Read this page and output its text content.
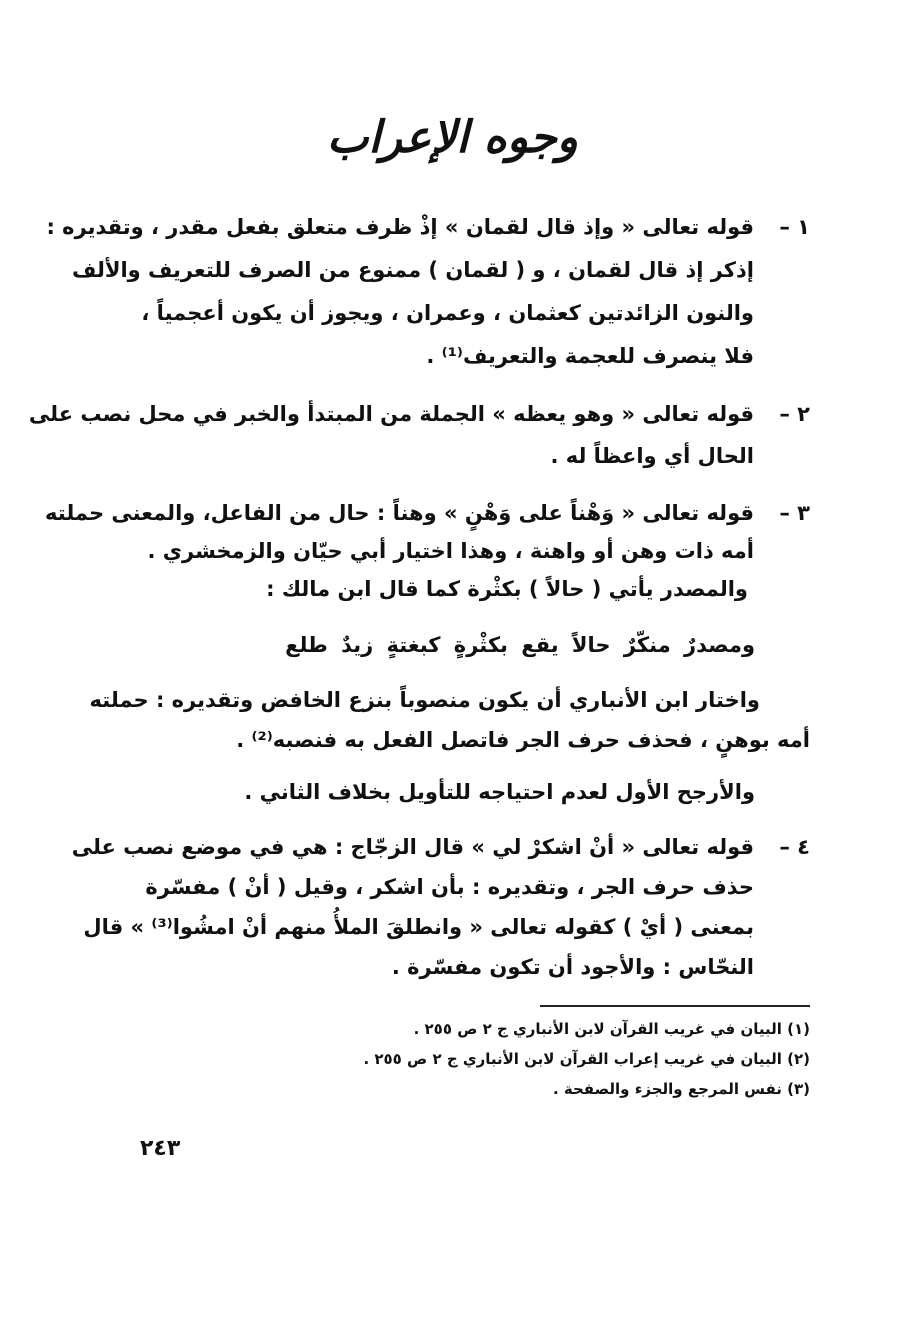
وجوه الإعراب
١ –
قوله تعالى « وإذ قال لقمان » إذْ ظرف متعلق بفعل مقدر ، وتقديره :
إذكر إذ قال لقمان ، و ( لقمان ) ممنوع من الصرف للتعريف والألف
والنون الزائدتين كعثمان ، وعمران ، ويجوز أن يكون أعجمياً ،
فلا ينصرف للعجمة والتعريف⁽¹⁾ .
٢ –
قوله تعالى « وهو يعظه » الجملة من المبتدأ والخبر في محل نصب على
الحال أي واعظاً له .
٣ –
قوله تعالى « وَهْناً على وَهْنٍ » وهناً : حال من الفاعل، والمعنى حملته
أمه ذات وهن أو واهنة ، وهذا اختيار أبي حيّان والزمخشري .
والمصدر يأتي ( حالاً ) بكثْرة كما قال ابن مالك :
ومصدرٌ منكّرٌ حالاً يقع بكثْرةٍ كبغتةٍ زيدٌ طلع
واختار ابن الأنباري أن يكون منصوباً بنزع الخافض وتقديره : حملته
أمه بوهنٍ ، فحذف حرف الجر فاتصل الفعل به فنصبه⁽²⁾ .
والأرجح الأول لعدم احتياجه للتأويل بخلاف الثاني .
٤ –
قوله تعالى « أنْ اشكرْ لي » قال الزجّاج : هي في موضع نصب على
حذف حرف الجر ، وتقديره : بأن اشكر ، وقيل ( أنْ ) مفسّرة
بمعنى ( أيْ ) كقوله تعالى « وانطلقَ الملأُ منهم أنْ امشُوا⁽³⁾ » قال
النحّاس : والأجود أن تكون مفسّرة .
(١) البيان في غريب القرآن لابن الأنباري ج ٢ ص ٢٥٥ .
(٢) البيان في غريب إعراب القرآن لابن الأنباري ج ٢ ص ٢٥٥ .
(٣) نفس المرجع والجزء والصفحة .
٢٤٣
